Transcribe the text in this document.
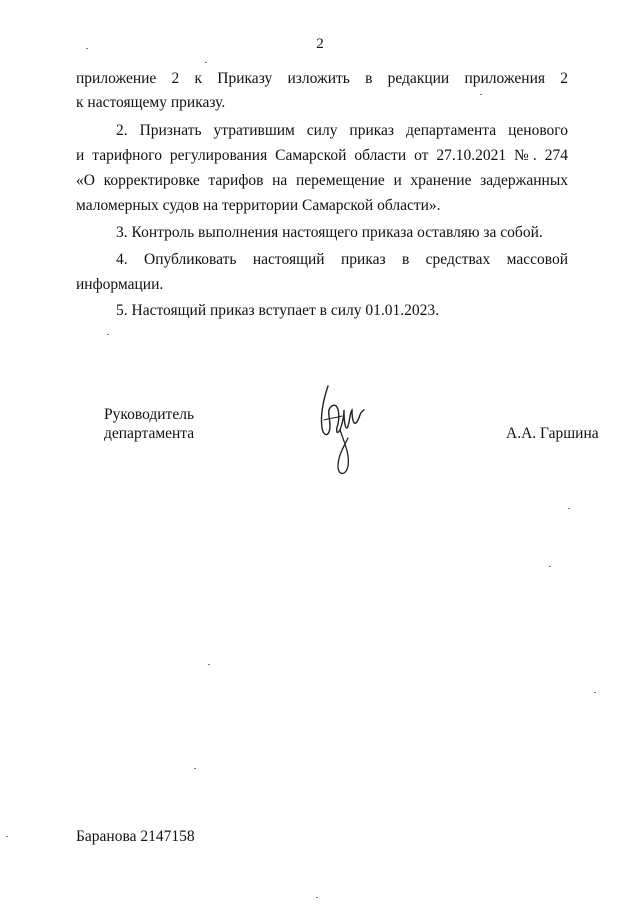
2
приложение 2 к Приказу изложить в редакции приложения 2
к настоящему приказу.
2. Признать утратившим силу приказ департамента ценового
и тарифного регулирования Самарской области от 27.10.2021 №. 274
«О корректировке тарифов на перемещение и хранение задержанных
маломерных судов на территории Самарской области».
3. Контроль выполнения настоящего приказа оставляю за собой.
4. Опубликовать настоящий приказ в средствах массовой
информации.
5. Настоящий приказ вступает в силу 01.01.2023.
Руководитель
департамента	А.А. Гаршина
Баранова 2147158
